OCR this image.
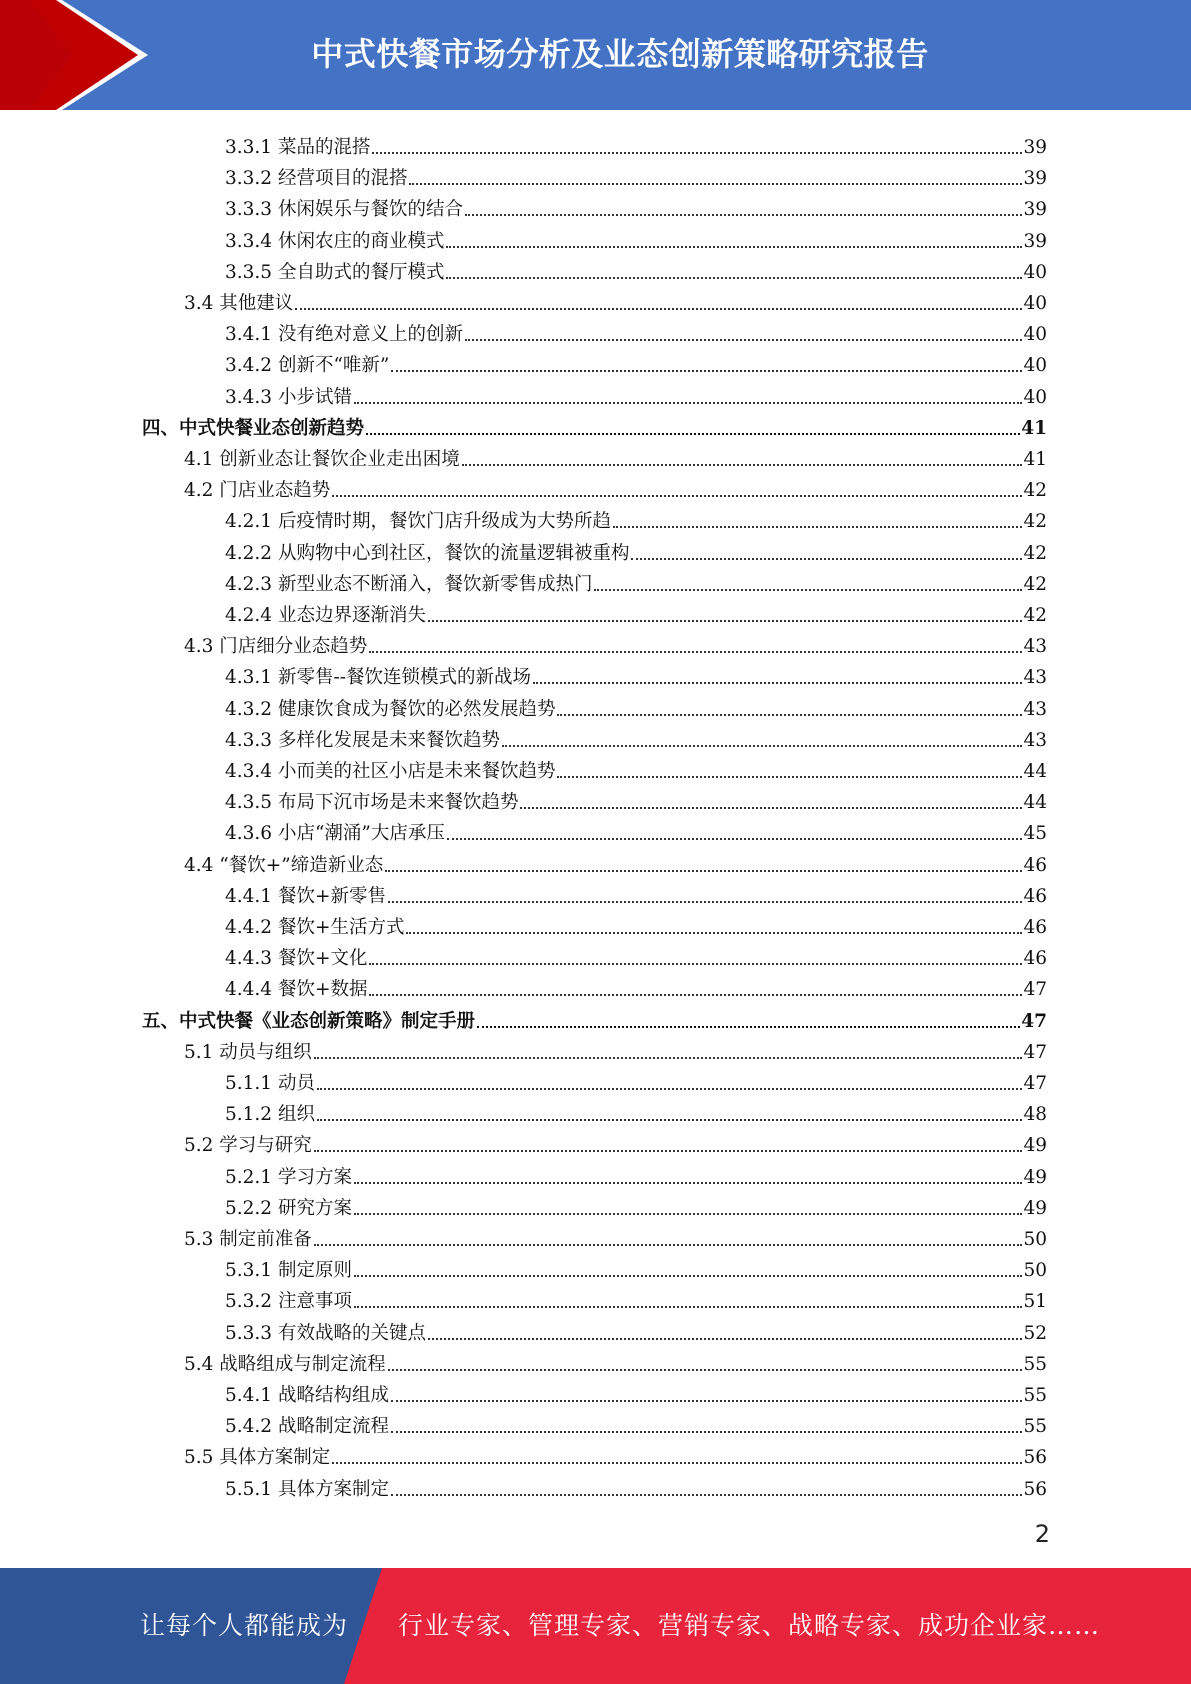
中式快餐市场分析及业态创新策略研究报告
3.3.1 菜品的混搭	39
3.3.2 经营项目的混搭	39
3.3.3 休闲娱乐与餐饮的结合	39
3.3.4 休闲农庄的商业模式	39
3.3.5 全自助式的餐厅模式	40
3.4 其他建议	40
3.4.1 没有绝对意义上的创新	40
3.4.2 创新不“唯新”	40
3.4.3 小步试错	40
四、中式快餐业态创新趋势	41
4.1 创新业态让餐饮企业走出困境	41
4.2 门店业态趋势	42
4.2.1 后疫情时期，餐饮门店升级成为大势所趋	42
4.2.2 从购物中心到社区，餐饮的流量逻辑被重构	42
4.2.3 新型业态不断涌入，餐饮新零售成热门	42
4.2.4 业态边界逐渐消失	42
4.3 门店细分业态趋势	43
4.3.1 新零售--餐饮连锁模式的新战场	43
4.3.2 健康饮食成为餐饮的必然发展趋势	43
4.3.3 多样化发展是未来餐饮趋势	43
4.3.4 小而美的社区小店是未来餐饮趋势	44
4.3.5 布局下沉市场是未来餐饮趋势	44
4.3.6 小店“潮涌”大店承压	45
4.4 “餐饮+”缔造新业态	46
4.4.1 餐饮+新零售	46
4.4.2 餐饮+生活方式	46
4.4.3 餐饮+文化	46
4.4.4 餐饮+数据	47
五、中式快餐《业态创新策略》制定手册	47
5.1 动员与组织	47
5.1.1 动员	47
5.1.2 组织	48
5.2 学习与研究	49
5.2.1 学习方案	49
5.2.2 研究方案	49
5.3 制定前准备	50
5.3.1 制定原则	50
5.3.2 注意事项	51
5.3.3 有效战略的关键点	52
5.4 战略组成与制定流程	55
5.4.1 战略结构组成	55
5.4.2 战略制定流程	55
5.5 具体方案制定	56
5.5.1 具体方案制定	56
2
让每个人都能成为 行业专家、管理专家、营销专家、战略专家、成功企业家……
